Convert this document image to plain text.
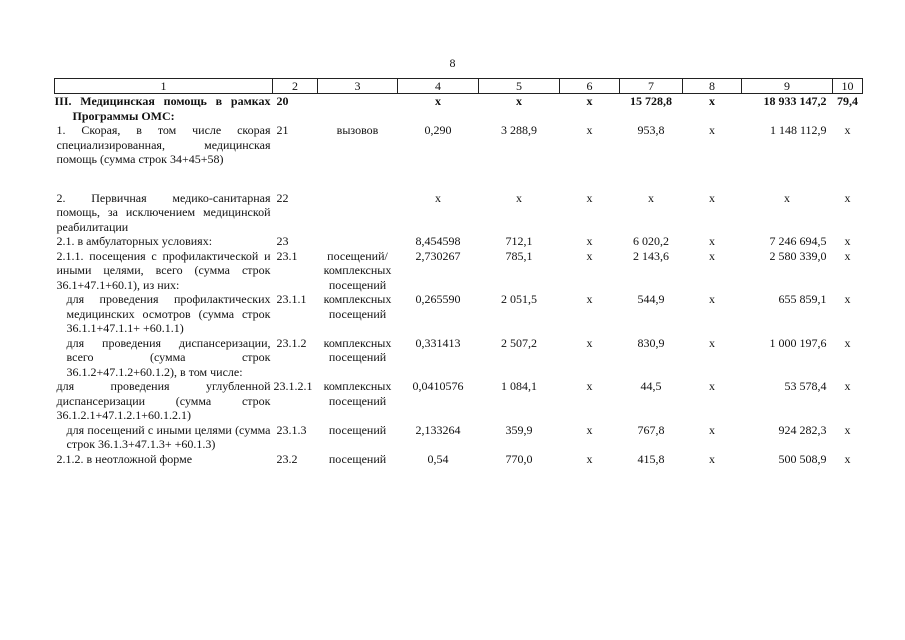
8
1	2	3	4	5	6	7	8	9	10
III. Медицинская помощь в рамках Программы ОМС:	20		х	х	х	15 728,8	х	18 933 147,2	79,4
1. Скорая, в том числе скорая специализированная, медицинская помощь (сумма строк 34+45+58)	21	вызовов	0,290	3 288,9	х	953,8	х	1 148 112,9	х

2. Первичная медико-санитарная помощь, за исключением медицинской реабилитации	22		х	х	х	х	х	х	х
2.1. в амбулаторных условиях:	23		8,454598	712,1	х	6 020,2	х	7 246 694,5	х
2.1.1. посещения с профилактической и иными целями, всего (сумма строк 36.1+47.1+60.1), из них:	23.1	посещений/ комплексных посещений	2,730267	785,1	х	2 143,6	х	2 580 339,0	х
для проведения профилактических медицинских осмотров (сумма строк 36.1.1+47.1.1+ +60.1.1)	23.1.1	комплексных посещений	0,265590	2 051,5	х	544,9	х	655 859,1	х
для проведения диспансеризации, всего (сумма строк 36.1.2+47.1.2+60.1.2), в том числе:	23.1.2	комплексных посещений	0,331413	2 507,2	х	830,9	х	1 000 197,6	х
для проведения углубленной диспансеризации (сумма строк 36.1.2.1+47.1.2.1+60.1.2.1)	23.1.2.1	комплексных посещений	0,0410576	1 084,1	х	44,5	х	53 578,4	х
для посещений с иными целями (сумма строк 36.1.3+47.1.3+ +60.1.3)	23.1.3	посещений	2,133264	359,9	х	767,8	х	924 282,3	х
2.1.2. в неотложной форме	23.2	посещений	0,54	770,0	х	415,8	х	500 508,9	х
